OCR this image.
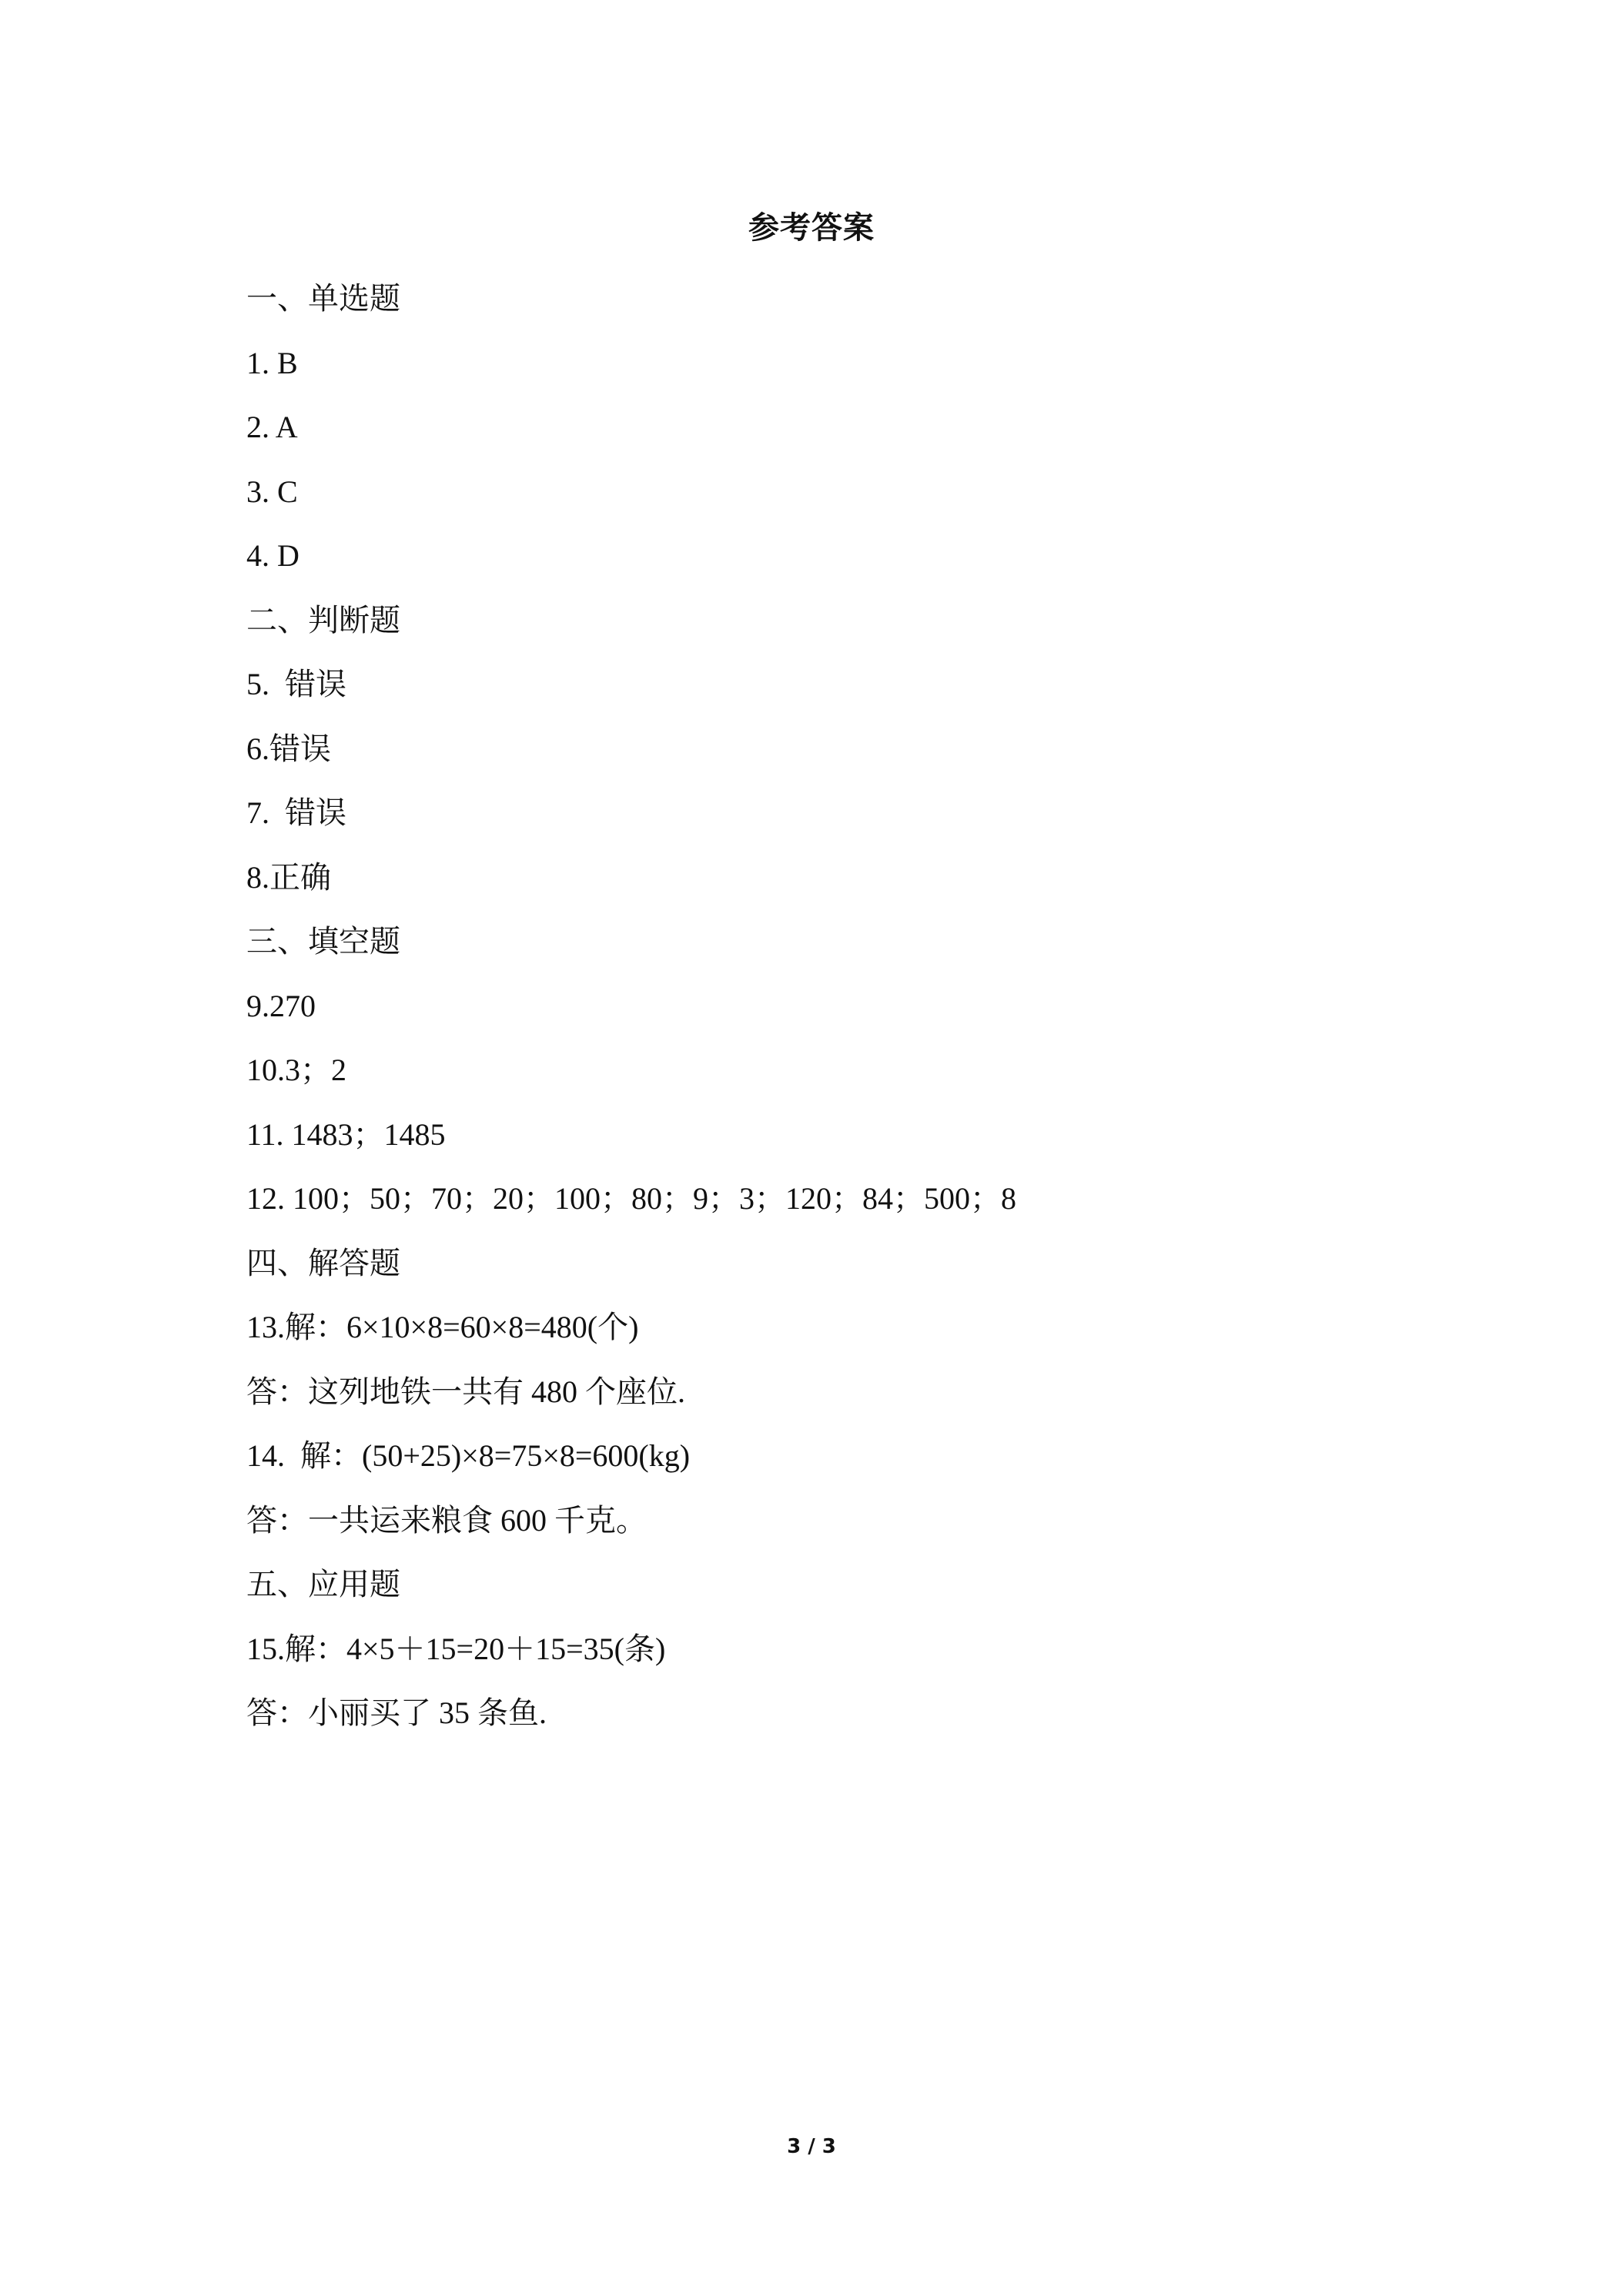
参考答案
一、单选题
1. B
2. A
3. C
4. D
二、判断题
5.  错误
6.错误
7.  错误
8.正确
三、填空题
9.270
10.3；2
11. 1483；1485
12. 100；50；70；20；100；80；9；3；120；84；500；8
四、解答题
13.解：6×10×8=60×8=480(个)
答：这列地铁一共有 480 个座位.
14.  解：(50+25)×8=75×8=600(kg)
答：一共运来粮食 600 千克。
五、应用题
15.解：4×5＋15=20＋15=35(条)
答：小丽买了 35 条鱼.
3 / 3
